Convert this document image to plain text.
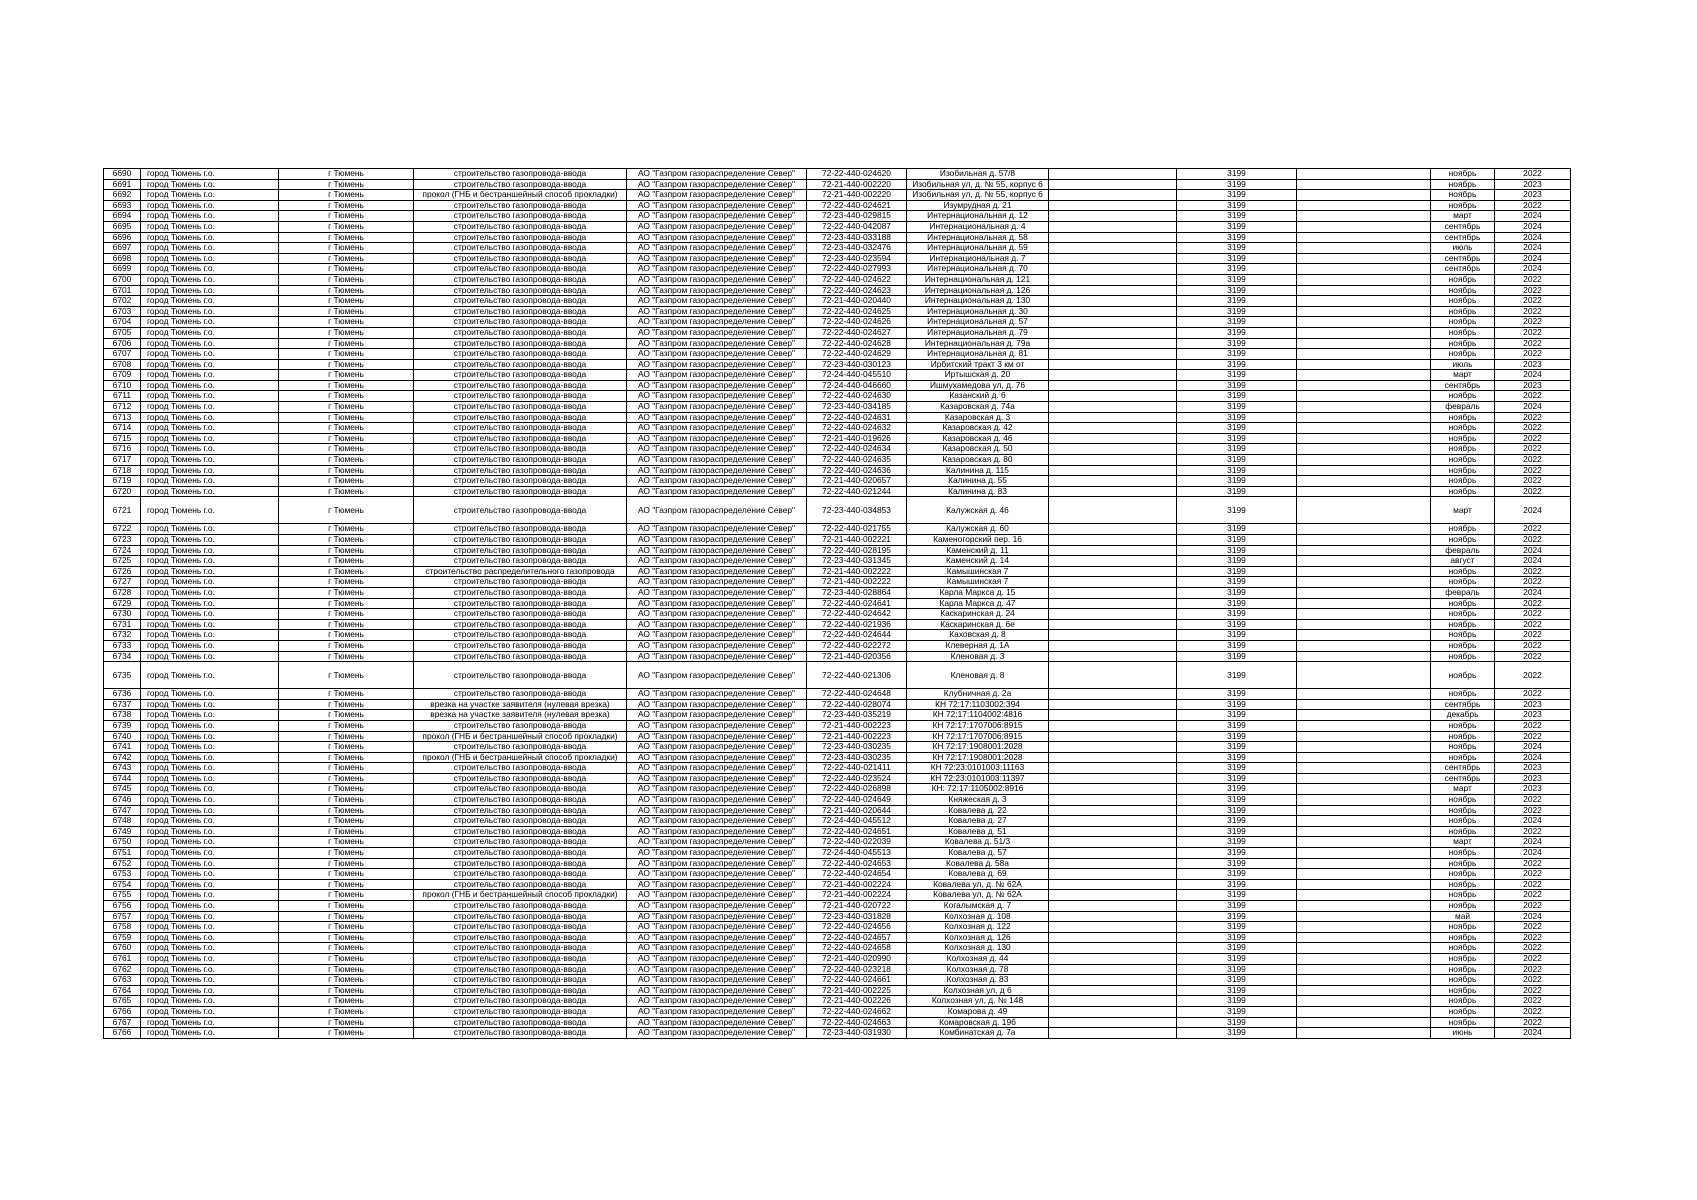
6690	город Тюмень г.о.	г Тюмень	строительство газопровода-ввода	АО "Газпром газораспределение Север"	72-22-440-024620	Изобильная д. 57/8		3199		ноябрь	2022
6691	город Тюмень г.о.	г Тюмень	строительство газопровода-ввода	АО "Газпром газораспределение Север"	72-21-440-002220	Изобильная ул, д. № 55, корпус 6		3199		ноябрь	2023
6692	город Тюмень г.о.	г Тюмень	прокол (ГНБ и бестраншейный способ прокладки)	АО "Газпром газораспределение Север"	72-21-440-002220	Изобильная ул, д. № 55, корпус 6		3199		ноябрь	2023
6693	город Тюмень г.о.	г Тюмень	строительство газопровода-ввода	АО "Газпром газораспределение Север"	72-22-440-024621	Изумрудная д. 21		3199		ноябрь	2022
6694	город Тюмень г.о.	г Тюмень	строительство газопровода-ввода	АО "Газпром газораспределение Север"	72-23-440-029815	Интернациональная д. 12		3199		март	2024
6695	город Тюмень г.о.	г Тюмень	строительство газопровода-ввода	АО "Газпром газораспределение Север"	72-22-440-042087	Интернациональная д. 4		3199		сентябрь	2024
6696	город Тюмень г.о.	г Тюмень	строительство газопровода-ввода	АО "Газпром газораспределение Север"	72-23-440-033188	Интернациональная д. 58		3199		сентябрь	2024
6697	город Тюмень г.о.	г Тюмень	строительство газопровода-ввода	АО "Газпром газораспределение Север"	72-23-440-032476	Интернациональная д. 59		3199		июль	2024
6698	город Тюмень г.о.	г Тюмень	строительство газопровода-ввода	АО "Газпром газораспределение Север"	72-23-440-023594	Интернациональная д. 7		3199		сентябрь	2024
6699	город Тюмень г.о.	г Тюмень	строительство газопровода-ввода	АО "Газпром газораспределение Север"	72-22-440-027993	Интернациональная д. 70		3199		сентябрь	2024
6700	город Тюмень г.о.	г Тюмень	строительство газопровода-ввода	АО "Газпром газораспределение Север"	72-22-440-024622	Интернациональная д. 121		3199		ноябрь	2022
6701	город Тюмень г.о.	г Тюмень	строительство газопровода-ввода	АО "Газпром газораспределение Север"	72-22-440-024623	Интернациональная д. 126		3199		ноябрь	2022
6702	город Тюмень г.о.	г Тюмень	строительство газопровода-ввода	АО "Газпром газораспределение Север"	72-21-440-020440	Интернациональная д. 130		3199		ноябрь	2022
6703	город Тюмень г.о.	г Тюмень	строительство газопровода-ввода	АО "Газпром газораспределение Север"	72-22-440-024625	Интернациональная д. 30		3199		ноябрь	2022
6704	город Тюмень г.о.	г Тюмень	строительство газопровода-ввода	АО "Газпром газораспределение Север"	72-22-440-024626	Интернациональная д. 57		3199		ноябрь	2022
6705	город Тюмень г.о.	г Тюмень	строительство газопровода-ввода	АО "Газпром газораспределение Север"	72-22-440-024627	Интернациональная д. 79		3199		ноябрь	2022
6706	город Тюмень г.о.	г Тюмень	строительство газопровода-ввода	АО "Газпром газораспределение Север"	72-22-440-024628	Интернациональная д. 79а		3199		ноябрь	2022
6707	город Тюмень г.о.	г Тюмень	строительство газопровода-ввода	АО "Газпром газораспределение Север"	72-22-440-024629	Интернациональная д. 81		3199		ноябрь	2022
6708	город Тюмень г.о.	г Тюмень	строительство газопровода-ввода	АО "Газпром газораспределение Север"	72-23-440-030123	Ирбитский тракт 3 км от		3199		июль	2023
6709	город Тюмень г.о.	г Тюмень	строительство газопровода-ввода	АО "Газпром газораспределение Север"	72-24-440-045510	Иртышская д. 20		3199		март	2024
6710	город Тюмень г.о.	г Тюмень	строительство газопровода-ввода	АО "Газпром газораспределение Север"	72-24-440-046660	Ишмухамедова ул, д. 76		3199		сентябрь	2023
6711	город Тюмень г.о.	г Тюмень	строительство газопровода-ввода	АО "Газпром газораспределение Север"	72-22-440-024630	Казанский д. 6		3199		ноябрь	2022
6712	город Тюмень г.о.	г Тюмень	строительство газопровода-ввода	АО "Газпром газораспределение Север"	72-23-440-034185	Казаровская д. 74а		3199		февраль	2024
6713	город Тюмень г.о.	г Тюмень	строительство газопровода-ввода	АО "Газпром газораспределение Север"	72-22-440-024631	Казаровская д. 3		3199		ноябрь	2022
6714	город Тюмень г.о.	г Тюмень	строительство газопровода-ввода	АО "Газпром газораспределение Север"	72-22-440-024632	Казаровская д. 42		3199		ноябрь	2022
6715	город Тюмень г.о.	г Тюмень	строительство газопровода-ввода	АО "Газпром газораспределение Север"	72-21-440-019626	Казаровская д. 46		3199		ноябрь	2022
6716	город Тюмень г.о.	г Тюмень	строительство газопровода-ввода	АО "Газпром газораспределение Север"	72-22-440-024634	Казаровская д. 50		3199		ноябрь	2022
6717	город Тюмень г.о.	г Тюмень	строительство газопровода-ввода	АО "Газпром газораспределение Север"	72-22-440-024635	Казаровская д. 80		3199		ноябрь	2022
6718	город Тюмень г.о.	г Тюмень	строительство газопровода-ввода	АО "Газпром газораспределение Север"	72-22-440-024636	Калинина д. 115		3199		ноябрь	2022
6719	город Тюмень г.о.	г Тюмень	строительство газопровода-ввода	АО "Газпром газораспределение Север"	72-21-440-020657	Калинина д. 55		3199		ноябрь	2022
6720	город Тюмень г.о.	г Тюмень	строительство газопровода-ввода	АО "Газпром газораспределение Север"	72-22-440-021244	Калинина д. 83		3199		ноябрь	2022
6721	город Тюмень г.о.	г Тюмень	строительство газопровода-ввода	АО "Газпром газораспределение Север"	72-23-440-034853	Калужская д. 46		3199		март	2024
6722	город Тюмень г.о.	г Тюмень	строительство газопровода-ввода	АО "Газпром газораспределение Север"	72-22-440-021755	Калужская д. 60		3199		ноябрь	2022
6723	город Тюмень г.о.	г Тюмень	строительство газопровода-ввода	АО "Газпром газораспределение Север"	72-21-440-002221	Каменогорский пер. 16		3199		ноябрь	2022
6724	город Тюмень г.о.	г Тюмень	строительство газопровода-ввода	АО "Газпром газораспределение Север"	72-22-440-028195	Каменский д. 11		3199		февраль	2024
6725	город Тюмень г.о.	г Тюмень	строительство газопровода-ввода	АО "Газпром газораспределение Север"	72-23-440-031345	Каменский д. 14		3199		август	2024
6726	город Тюмень г.о.	г Тюмень	строительство распределительного газопровода	АО "Газпром газораспределение Север"	72-21-440-002222	Камышинская 7		3199		ноябрь	2022
6727	город Тюмень г.о.	г Тюмень	строительство газопровода-ввода	АО "Газпром газораспределение Север"	72-21-440-002222	Камышинская 7		3199		ноябрь	2022
6728	город Тюмень г.о.	г Тюмень	строительство газопровода-ввода	АО "Газпром газораспределение Север"	72-23-440-028864	Карла Маркса д. 15		3199		февраль	2024
6729	город Тюмень г.о.	г Тюмень	строительство газопровода-ввода	АО "Газпром газораспределение Север"	72-22-440-024641	Карла Маркса д. 47		3199		ноябрь	2022
6730	город Тюмень г.о.	г Тюмень	строительство газопровода-ввода	АО "Газпром газораспределение Север"	72-22-440-024642	Каскаринская д. 24		3199		ноябрь	2022
6731	город Тюмень г.о.	г Тюмень	строительство газопровода-ввода	АО "Газпром газораспределение Север"	72-22-440-021936	Каскаринская д. 6е		3199		ноябрь	2022
6732	город Тюмень г.о.	г Тюмень	строительство газопровода-ввода	АО "Газпром газораспределение Север"	72-22-440-024644	Каховская д. 8		3199		ноябрь	2022
6733	город Тюмень г.о.	г Тюмень	строительство газопровода-ввода	АО "Газпром газораспределение Север"	72-22-440-022272	Клеверная д. 1А		3199		ноябрь	2022
6734	город Тюмень г.о.	г Тюмень	строительство газопровода-ввода	АО "Газпром газораспределение Север"	72-21-440-020356	Кленовая д. 3		3199		ноябрь	2022
6735	город Тюмень г.о.	г Тюмень	строительство газопровода-ввода	АО "Газпром газораспределение Север"	72-22-440-021306	Кленовая д. 8		3199		ноябрь	2022
6736	город Тюмень г.о.	г Тюмень	строительство газопровода-ввода	АО "Газпром газораспределение Север"	72-22-440-024648	Клубничная д. 2а		3199		ноябрь	2022
6737	город Тюмень г.о.	г Тюмень	врезка на участке заявителя (нулевая врезка)	АО "Газпром газораспределение Север"	72-22-440-028074	КН 72:17:1103002:394		3199		сентябрь	2023
6738	город Тюмень г.о.	г Тюмень	врезка на участке заявителя (нулевая врезка)	АО "Газпром газораспределение Север"	72-23-440-035219	КН 72:17:1104002:4816		3199		декабрь	2023
6739	город Тюмень г.о.	г Тюмень	строительство газопровода-ввода	АО "Газпром газораспределение Север"	72-21-440-002223	КН 72:17:1707006:8915		3199		ноябрь	2022
6740	город Тюмень г.о.	г Тюмень	прокол (ГНБ и бестраншейный способ прокладки)	АО "Газпром газораспределение Север"	72-21-440-002223	КН 72:17:1707006:8915		3199		ноябрь	2022
6741	город Тюмень г.о.	г Тюмень	строительство газопровода-ввода	АО "Газпром газораспределение Север"	72-23-440-030235	КН 72:17:1908001:2028		3199		ноябрь	2024
6742	город Тюмень г.о.	г Тюмень	прокол (ГНБ и бестраншейный способ прокладки)	АО "Газпром газораспределение Север"	72-23-440-030235	КН 72:17:1908001:2028		3199		ноябрь	2024
6743	город Тюмень г.о.	г Тюмень	строительство газопровода-ввода	АО "Газпром газораспределение Север"	72-22-440-021411	КН 72:23:0101003:11163		3199		сентябрь	2023
6744	город Тюмень г.о.	г Тюмень	строительство газопровода-ввода	АО "Газпром газораспределение Север"	72-22-440-023524	КН 72:23:0101003:11397		3199		сентябрь	2023
6745	город Тюмень г.о.	г Тюмень	строительство газопровода-ввода	АО "Газпром газораспределение Север"	72-22-440-026898	КН: 72:17:1105002:8916		3199		март	2023
6746	город Тюмень г.о.	г Тюмень	строительство газопровода-ввода	АО "Газпром газораспределение Север"	72-22-440-024649	Княжеская д. 3		3199		ноябрь	2022
6747	город Тюмень г.о.	г Тюмень	строительство газопровода-ввода	АО "Газпром газораспределение Север"	72-21-440-020644	Ковалева д. 22		3199		ноябрь	2022
6748	город Тюмень г.о.	г Тюмень	строительство газопровода-ввода	АО "Газпром газораспределение Север"	72-24-440-045512	Ковалева д. 27		3199		ноябрь	2024
6749	город Тюмень г.о.	г Тюмень	строительство газопровода-ввода	АО "Газпром газораспределение Север"	72-22-440-024651	Ковалева д. 51		3199		ноябрь	2022
6750	город Тюмень г.о.	г Тюмень	строительство газопровода-ввода	АО "Газпром газораспределение Север"	72-22-440-022039	Ковалева д. 51/3		3199		март	2024
6751	город Тюмень г.о.	г Тюмень	строительство газопровода-ввода	АО "Газпром газораспределение Север"	72-24-440-045513	Ковалева д. 57		3199		ноябрь	2024
6752	город Тюмень г.о.	г Тюмень	строительство газопровода-ввода	АО "Газпром газораспределение Север"	72-22-440-024653	Ковалева д. 58а		3199		ноябрь	2022
6753	город Тюмень г.о.	г Тюмень	строительство газопровода-ввода	АО "Газпром газораспределение Север"	72-22-440-024654	Ковалева д. 69		3199		ноябрь	2022
6754	город Тюмень г.о.	г Тюмень	строительство газопровода-ввода	АО "Газпром газораспределение Север"	72-21-440-002224	Ковалева ул, д. № 62А		3199		ноябрь	2022
6755	город Тюмень г.о.	г Тюмень	прокол (ГНБ и бестраншейный способ прокладки)	АО "Газпром газораспределение Север"	72-21-440-002224	Ковалева ул, д. № 62А		3199		ноябрь	2022
6756	город Тюмень г.о.	г Тюмень	строительство газопровода-ввода	АО "Газпром газораспределение Север"	72-21-440-020722	Когалымская д. 7		3199		ноябрь	2022
6757	город Тюмень г.о.	г Тюмень	строительство газопровода-ввода	АО "Газпром газораспределение Север"	72-23-440-031828	Колхозная д. 108		3199		май	2024
6758	город Тюмень г.о.	г Тюмень	строительство газопровода-ввода	АО "Газпром газораспределение Север"	72-22-440-024656	Колхозная д. 122		3199		ноябрь	2022
6759	город Тюмень г.о.	г Тюмень	строительство газопровода-ввода	АО "Газпром газораспределение Север"	72-22-440-024657	Колхозная д. 126		3199		ноябрь	2022
6760	город Тюмень г.о.	г Тюмень	строительство газопровода-ввода	АО "Газпром газораспределение Север"	72-22-440-024658	Колхозная д. 130		3199		ноябрь	2022
6761	город Тюмень г.о.	г Тюмень	строительство газопровода-ввода	АО "Газпром газораспределение Север"	72-21-440-020990	Колхозная д. 44		3199		ноябрь	2022
6762	город Тюмень г.о.	г Тюмень	строительство газопровода-ввода	АО "Газпром газораспределение Север"	72-22-440-023218	Колхозная д. 78		3199		ноябрь	2022
6763	город Тюмень г.о.	г Тюмень	строительство газопровода-ввода	АО "Газпром газораспределение Север"	72-22-440-024661	Колхозная д. 83		3199		ноябрь	2022
6764	город Тюмень г.о.	г Тюмень	строительство газопровода-ввода	АО "Газпром газораспределение Север"	72-21-440-002225	Колхозная ул, д 6		3199		ноябрь	2022
6765	город Тюмень г.о.	г Тюмень	строительство газопровода-ввода	АО "Газпром газораспределение Север"	72-21-440-002226	Колхозная ул, д. № 148		3199		ноябрь	2022
6766	город Тюмень г.о.	г Тюмень	строительство газопровода-ввода	АО "Газпром газораспределение Север"	72-22-440-024662	Комарова д. 49		3199		ноябрь	2022
6767	город Тюмень г.о.	г Тюмень	строительство газопровода-ввода	АО "Газпром газораспределение Север"	72-22-440-024663	Комаровская д. 19б		3199		ноябрь	2022
6766	город Тюмень г.о.	г Тюмень	строительство газопровода-ввода	АО "Газпром газораспределение Север"	72-23-440-031930	Комбинатская д. 7а		3199		июнь	2024
